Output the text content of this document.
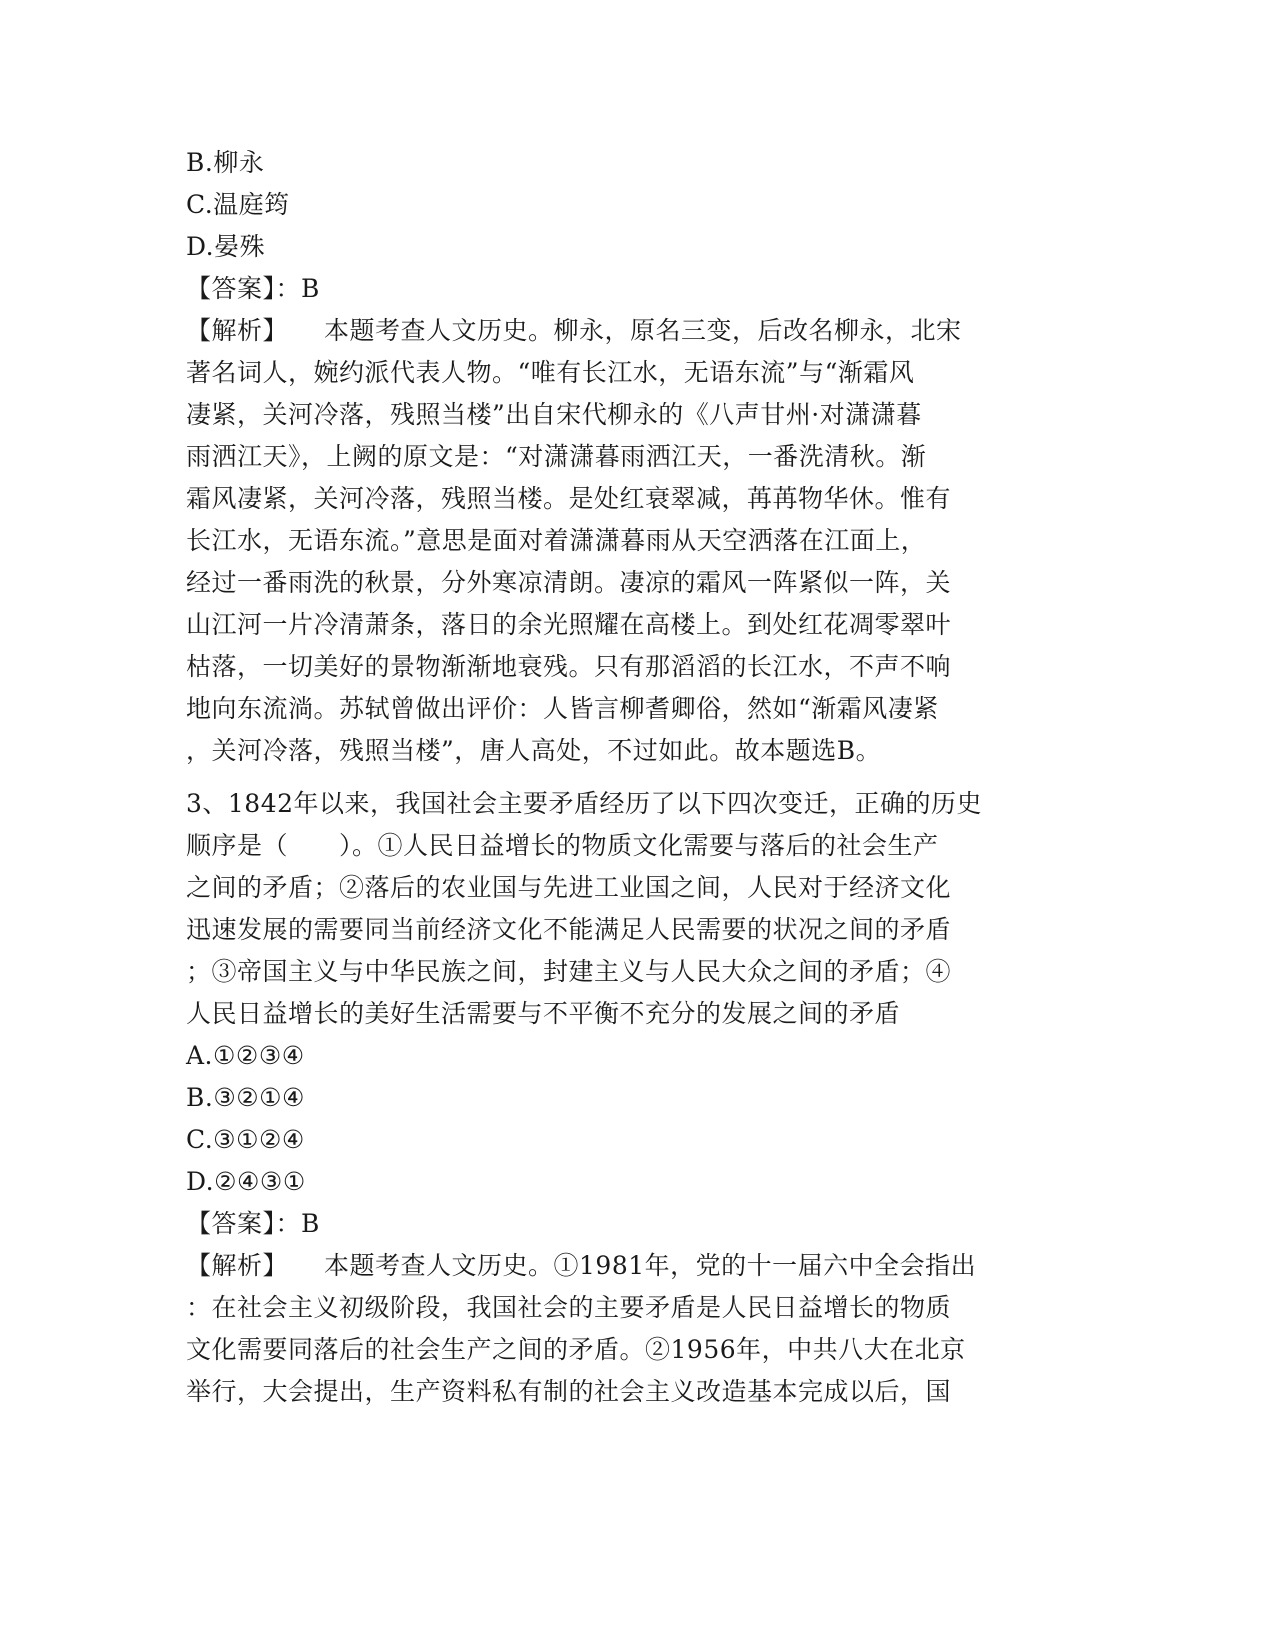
B.柳永
C.温庭筠
D.晏殊
【答案】：B
【解析】 本题考查人文历史。柳永，原名三变，后改名柳永，北宋
著名词人，婉约派代表人物。“唯有长江水，无语东流”与“渐霜风
凄紧，关河冷落，残照当楼”出自宋代柳永的《八声甘州·对潇潇暮
雨洒江天》，上阙的原文是：“对潇潇暮雨洒江天，一番洗清秋。渐
霜风凄紧，关河冷落，残照当楼。是处红衰翠减，苒苒物华休。惟有
长江水，无语东流。”意思是面对着潇潇暮雨从天空洒落在江面上，
经过一番雨洗的秋景，分外寒凉清朗。凄凉的霜风一阵紧似一阵，关
山江河一片冷清萧条，落日的余光照耀在高楼上。到处红花凋零翠叶
枯落，一切美好的景物渐渐地衰残。只有那滔滔的长江水，不声不响
地向东流淌。苏轼曾做出评价：人皆言柳耆卿俗，然如“渐霜风凄紧
，关河冷落，残照当楼”，唐人高处，不过如此。故本题选B。
3、1842年以来，我国社会主要矛盾经历了以下四次变迁，正确的历史
顺序是（　　）。①人民日益增长的物质文化需要与落后的社会生产
之间的矛盾；②落后的农业国与先进工业国之间，人民对于经济文化
迅速发展的需要同当前经济文化不能满足人民需要的状况之间的矛盾
；③帝国主义与中华民族之间，封建主义与人民大众之间的矛盾；④
人民日益增长的美好生活需要与不平衡不充分的发展之间的矛盾
A.①②③④
B.③②①④
C.③①②④
D.②④③①
【答案】：B
【解析】 本题考查人文历史。①1981年，党的十一届六中全会指出
：在社会主义初级阶段，我国社会的主要矛盾是人民日益增长的物质
文化需要同落后的社会生产之间的矛盾。②1956年，中共八大在北京
举行，大会提出，生产资料私有制的社会主义改造基本完成以后，国
